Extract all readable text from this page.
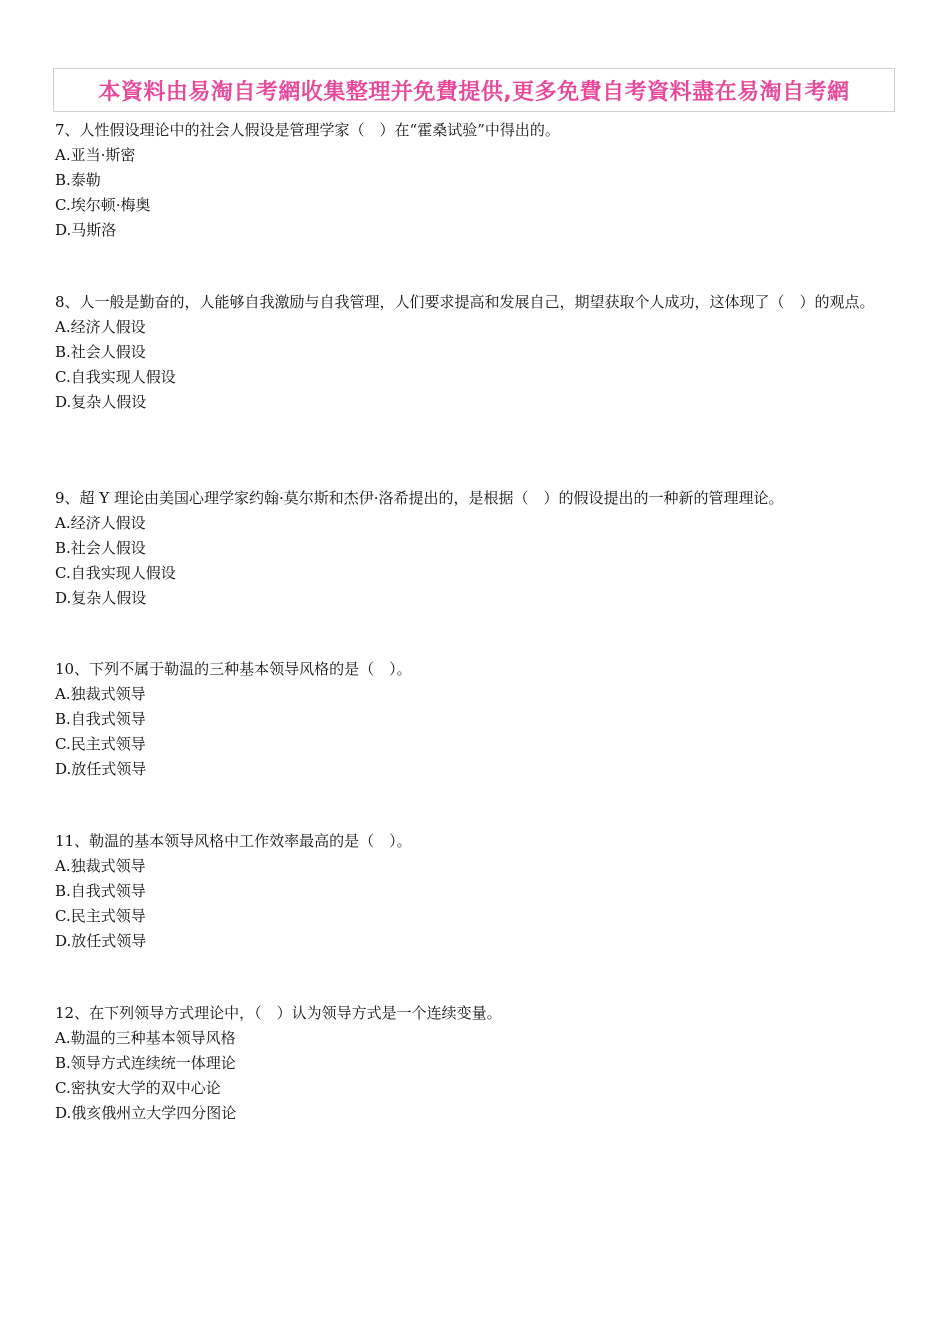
本資料由易淘自考網收集整理并免費提供,更多免費自考資料盡在易淘自考網

7、人性假设理论中的社会人假设是管理学家（　）在“霍桑试验”中得出的。

A.亚当·斯密

B.泰勒

C.埃尔顿·梅奥

D.马斯洛

8、人一般是勤奋的，人能够自我激励与自我管理，人们要求提高和发展自己，期望获取个人成功，这体现了（　）的观点。

A.经济人假设

B.社会人假设

C.自我实现人假设

D.复杂人假设

9、超 Y 理论由美国心理学家约翰·莫尔斯和杰伊·洛希提出的，是根据（　）的假设提出的一种新的管理理论。

A.经济人假设

B.社会人假设

C.自我实现人假设

D.复杂人假设

10、下列不属于勒温的三种基本领导风格的是（　）。

A.独裁式领导

B.自我式领导

C.民主式领导

D.放任式领导

11、勒温的基本领导风格中工作效率最高的是（　）。

A.独裁式领导

B.自我式领导

C.民主式领导

D.放任式领导

12、在下列领导方式理论中，（　）认为领导方式是一个连续变量。

A.勒温的三种基本领导风格

B.领导方式连续统一体理论

C.密执安大学的双中心论

D.俄亥俄州立大学四分图论
